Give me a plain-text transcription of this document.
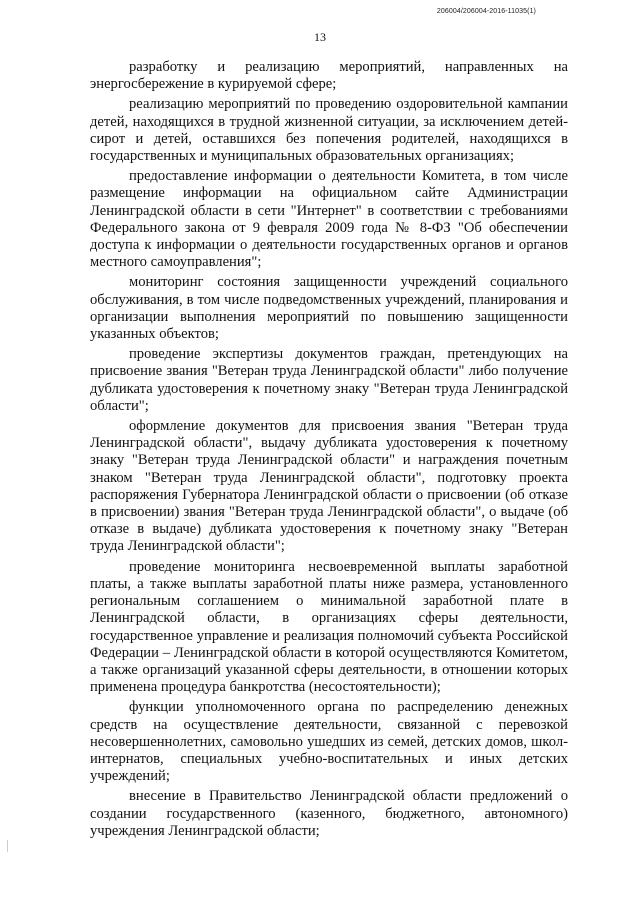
206004/206004-2016-11035(1)
13

разработку и реализацию мероприятий, направленных на энергосбережение в курируемой сфере;

реализацию мероприятий по проведению оздоровительной кампании детей, находящихся в трудной жизненной ситуации, за исключением детей-сирот и детей, оставшихся без попечения родителей, находящихся в государственных и муниципальных образовательных организациях;

предоставление информации о деятельности Комитета, в том числе размещение информации на официальном сайте Администрации Ленинградской области в сети "Интернет" в соответствии с требованиями Федерального закона от 9 февраля 2009 года № 8-ФЗ "Об обеспечении доступа к информации о деятельности государственных органов и органов местного самоуправления";

мониторинг состояния защищенности учреждений социального обслуживания, в том числе подведомственных учреждений, планирования и организации выполнения мероприятий по повышению защищенности указанных объектов;

проведение экспертизы документов граждан, претендующих на присвоение звания "Ветеран труда Ленинградской области" либо получение дубликата удостоверения к почетному знаку "Ветеран труда Ленинградской области";

оформление документов для присвоения звания "Ветеран труда Ленинградской области", выдачу дубликата удостоверения к почетному знаку "Ветеран труда Ленинградской области" и награждения почетным знаком "Ветеран труда Ленинградской области", подготовку проекта распоряжения Губернатора Ленинградской области о присвоении (об отказе в присвоении) звания "Ветеран труда Ленинградской области", о выдаче (об отказе в выдаче) дубликата удостоверения к почетному знаку "Ветеран труда Ленинградской области";

проведение мониторинга несвоевременной выплаты заработной платы, а также выплаты заработной платы ниже размера, установленного региональным соглашением о минимальной заработной плате в Ленинградской области, в организациях сферы деятельности, государственное управление и реализация полномочий субъекта Российской Федерации – Ленинградской области в которой осуществляются Комитетом, а также организаций указанной сферы деятельности, в отношении которых применена процедура банкротства (несостоятельности);

функции уполномоченного органа по распределению денежных средств на осуществление деятельности, связанной с перевозкой несовершеннолетних, самовольно ушедших из семей, детских домов, школ-интернатов, специальных учебно-воспитательных и иных детских учреждений;

внесение в Правительство Ленинградской области предложений о создании государственного (казенного, бюджетного, автономного) учреждения Ленинградской области;
